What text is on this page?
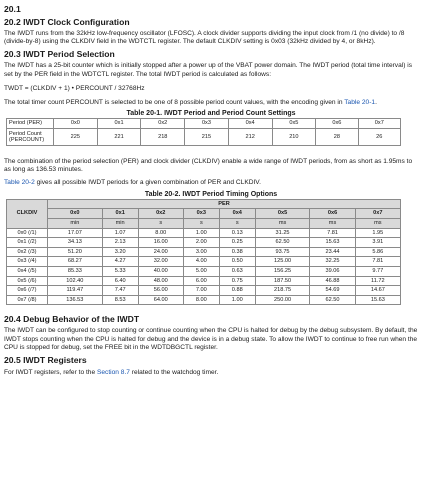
20.1
20.2 IWDT Clock Configuration

The IWDT runs from the 32kHz low-frequency oscillator (LFOSC). A clock divider supports dividing the input clock from /1 (no divide) to /8 (divide-by-8) using the CLKDIV field in the WDTCTL register. The default CLKDIV setting is 0x03 (32kHz divided by 4, or 8kHz).

20.3 IWDT Period Selection

The IWDT has a 25-bit counter which is initially stopped after a power up of the VBAT power domain. The IWDT period (total time interval) is set by the PER field in the WDTCTL register. The total IWDT period is calculated as follows:

TWDT = (CLKDIV + 1) • PERCOUNT / 32768Hz

The total timer count PERCOUNT is selected to be one of 8 possible period count values, with the encoding given in Table 20-1.

Table 20-1. IWDT Period and Period Count Settings
Period (PER)	0x0	0x1	0x2	0x3	0x4	0x5	0x6	0x7
Period Count (PERCOUNT)	225	221	218	215	212	210	28	26

The combination of the period selection (PER) and clock divider (CLKDIV) enable a wide range of IWDT periods, from as short as 1.95ms to as long as 136.53 minutes.

Table 20-2 gives all possible IWDT periods for a given combination of PER and CLKDIV.

Table 20-2. IWDT Period Timing Options
CLKDIV	PER							
	0x0	0x1	0x2	0x3	0x4	0x5	0x6	0x7
	min	min	s	s	s	ms	ms	ms
0x0 (/1)	17.07	1.07	8.00	1.00	0.13	31.25	7.81	1.95
0x1 (/2)	34.13	2.13	16.00	2.00	0.25	62.50	15.63	3.91
0x2 (/3)	51.20	3.20	24.00	3.00	0.38	93.75	23.44	5.86
0x3 (/4)	68.27	4.27	32.00	4.00	0.50	125.00	32.25	7.81
0x4 (/5)	85.33	5.33	40.00	5.00	0.63	156.25	39.06	9.77
0x5 (/6)	102.40	6.40	48.00	6.00	0.75	187.50	46.88	11.72
0x6 (/7)	119.47	7.47	56.00	7.00	0.88	218.75	54.69	14.67
0x7 (/8)	136.53	8.53	64.00	8.00	1.00	250.00	62.50	15.63
20.4 Debug Behavior of the IWDT

The IWDT can be configured to stop counting or continue counting when the CPU is halted for debug by the debug subsystem. By default, the IWDT stops counting when the CPU is halted for debug and the device is in a debug state. To allow the IWDT to continue to free run when the CPU is stopped for debug, set the FREE bit in the WDTDBGCTL register.

20.5 IWDT Registers

For IWDT registers, refer to the Section 8.7 related to the watchdog timer.
